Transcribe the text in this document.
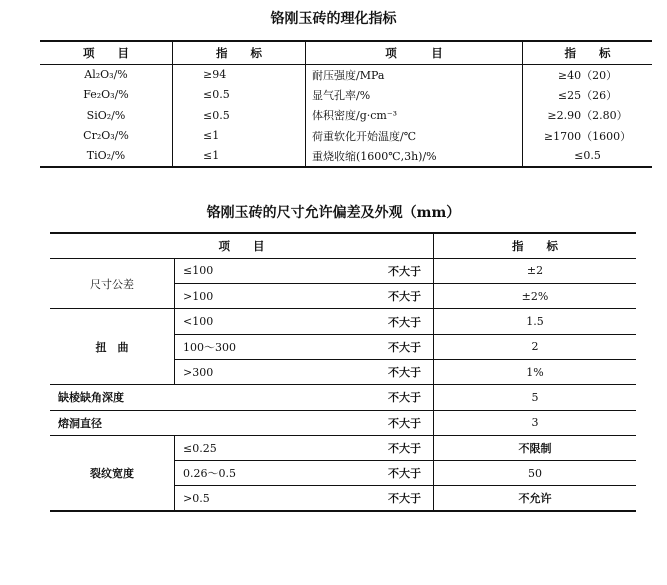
铬刚玉砖的理化指标
项　　目	指　　标	项　　　目	指　　标
Al₂O₃/%	≥94	耐压强度/MPa	≥40（20）
Fe₂O₃/%	≤0.5	显气孔率/%	≤25（26）
SiO₂/%	≤0.5	体积密度/g·cm⁻³	≥2.90（2.80）
Cr₂O₃/%	≤1	荷重软化开始温度/℃	≥1700（1600）
TiO₂/%	≤1	重烧收缩(1600℃,3h)/%	≤0.5
铬刚玉砖的尺寸允许偏差及外观（mm）
项　　目			指　　标
尺寸公差	≤100	不大于	±2
	>100	不大于	±2%
扭　曲	<100	不大于	1.5
	100～300	不大于	2
	>300	不大于	1%
缺棱缺角深度		不大于	5
熔洞直径		不大于	3
裂纹宽度	≤0.25	不大于	不限制
	0.26～0.5	不大于	50
	>0.5	不大于	不允许
